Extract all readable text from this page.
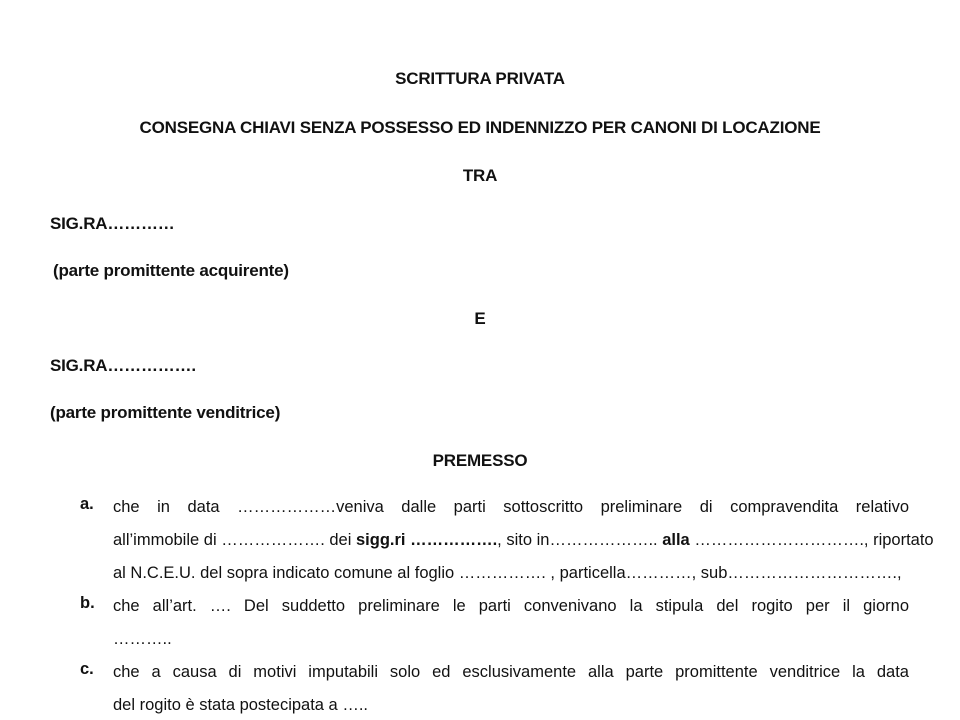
SCRITTURA PRIVATA
CONSEGNA CHIAVI SENZA POSSESSO ED INDENNIZZO PER CANONI DI LOCAZIONE
TRA
SIG.RA…………
(parte promittente acquirente)
E
SIG.RA…………….
(parte promittente venditrice)
PREMESSO
a. che in data ………………veniva dalle parti sottoscritto preliminare di compravendita relativo
all’immobile di ………………. dei sigg.ri ……………., sito in……………….. alla …………………………., riportato
al N.C.E.U. del sopra indicato comune al foglio ……………. , particella…………, sub………………………….,
b. che all’art. …. Del suddetto preliminare le parti convenivano la stipula del rogito per il giorno
………..
c. che a causa di motivi imputabili solo ed esclusivamente alla parte promittente venditrice la data
del rogito è stata postecipata a …..
